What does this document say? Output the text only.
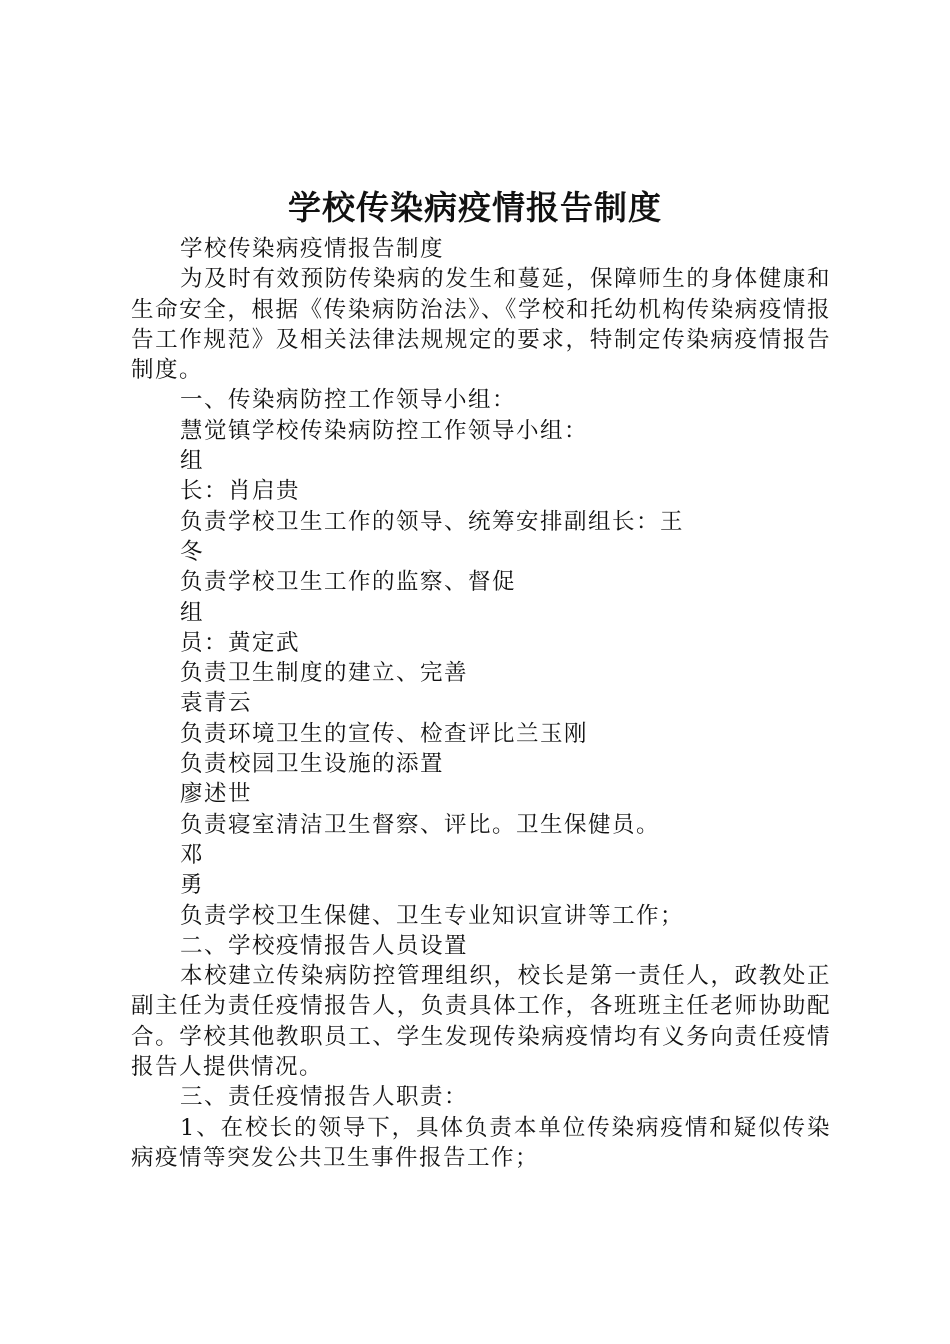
学校传染病疫情报告制度

学校传染病疫情报告制度

为及时有效预防传染病的发生和蔓延，保障师生的身体健康和生命安全，根据《传染病防治法》、《学校和托幼机构传染病疫情报告工作规范》及相关法律法规规定的要求，特制定传染病疫情报告制度。

一、传染病防控工作领导小组：

慧觉镇学校传染病防控工作领导小组：

组

长：肖启贵

负责学校卫生工作的领导、统筹安排副组长：王

冬

负责学校卫生工作的监察、督促

组

员：黄定武

负责卫生制度的建立、完善

袁青云

负责环境卫生的宣传、检查评比兰玉刚

负责校园卫生设施的添置

廖述世

负责寝室清洁卫生督察、评比。卫生保健员。

邓

勇

负责学校卫生保健、卫生专业知识宣讲等工作；

二、学校疫情报告人员设置

本校建立传染病防控管理组织，校长是第一责任人，政教处正副主任为责任疫情报告人，负责具体工作，各班班主任老师协助配合。学校其他教职员工、学生发现传染病疫情均有义务向责任疫情报告人提供情况。

三、责任疫情报告人职责：

1、在校长的领导下，具体负责本单位传染病疫情和疑似传染病疫情等突发公共卫生事件报告工作；
